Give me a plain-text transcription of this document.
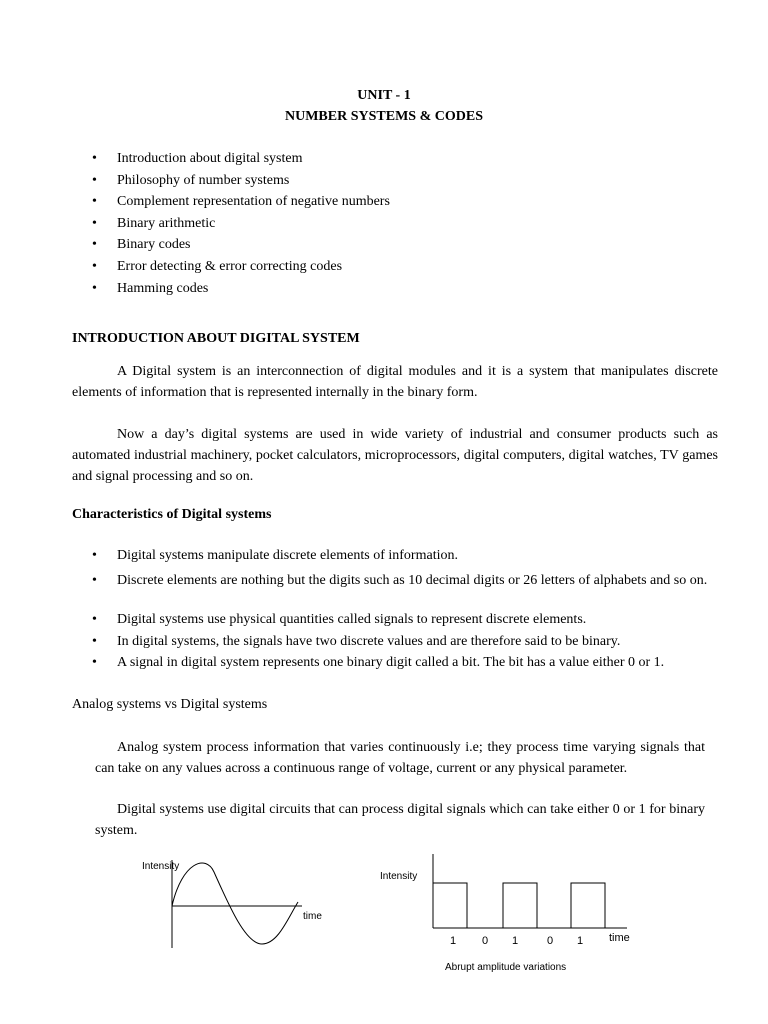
UNIT - 1
NUMBER SYSTEMS & CODES
• Introduction about digital system
• Philosophy of number systems
• Complement representation of negative numbers
• Binary arithmetic
• Binary codes
• Error detecting & error correcting codes
• Hamming codes
INTRODUCTION ABOUT DIGITAL SYSTEM
A Digital system is an interconnection of digital modules and it is a system that manipulates discrete elements of information that is represented internally in the binary form.
Now a day’s digital systems are used in wide variety of industrial and consumer products such as automated industrial machinery, pocket calculators, microprocessors, digital computers, digital watches, TV games and signal processing and so on.
Characteristics of Digital systems
• Digital systems manipulate discrete elements of information.
• Discrete elements are nothing but the digits such as 10 decimal digits or 26 letters of alphabets and so on.
• Digital systems use physical quantities called signals to represent discrete elements.
• In digital systems, the signals have two discrete values and are therefore said to be binary.
• A signal in digital system represents one binary digit called a bit. The bit has a value either 0 or 1.
Analog systems vs Digital systems
Analog system process information that varies continuously i.e; they process time varying signals that can take on any values across a continuous range of voltage, current or any physical parameter.
Digital systems use digital circuits that can process digital signals which can take either 0 or 1 for binary system.
Intensity
time
Intensity
time
1 0 1	0 1
Abrupt amplitude variations
